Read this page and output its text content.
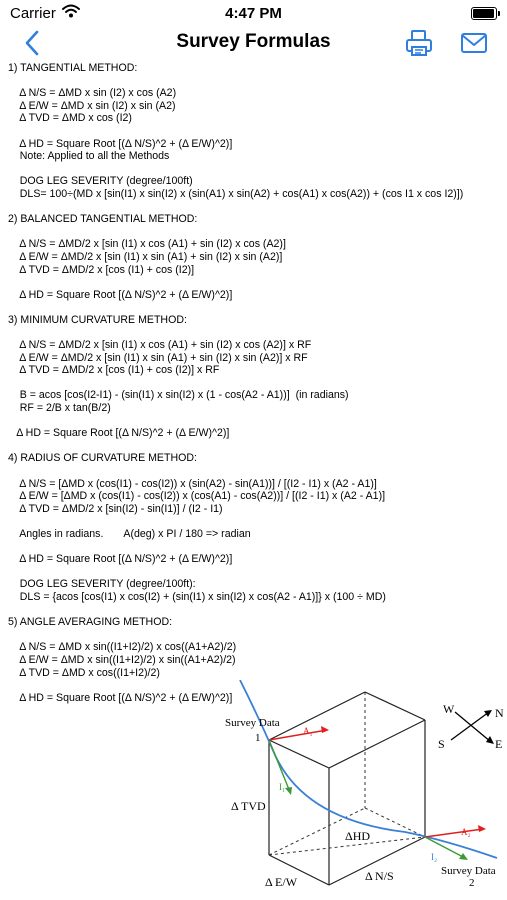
Carrier	4:47 PM
Survey Formulas
1) TANGENTIAL METHOD:
Δ N/S = ΔMD x sin (I2) x cos (A2)
Δ E/W = ΔMD x sin (I2) x sin (A2)
Δ TVD = ΔMD x cos (I2)
Δ HD = Square Root [(Δ N/S)^2 + (Δ E/W)^2)]
Note: Applied to all the Methods
DOG LEG SEVERITY (degree/100ft)
DLS= 100÷(MD x [sin(I1) x sin(I2) x (sin(A1) x sin(A2) + cos(A1) x cos(A2)) + (cos I1 x cos I2)])
2) BALANCED TANGENTIAL METHOD:
Δ N/S = ΔMD/2 x [sin (I1) x cos (A1) + sin (I2) x cos (A2)]
Δ E/W = ΔMD/2 x [sin (I1) x sin (A1) + sin (I2) x sin (A2)]
Δ TVD = ΔMD/2 x [cos (I1) + cos (I2)]
Δ HD = Square Root [(Δ N/S)^2 + (Δ E/W)^2)]
3) MINIMUM CURVATURE METHOD:
Δ N/S = ΔMD/2 x [sin (I1) x cos (A1) + sin (I2) x cos (A2)] x RF
Δ E/W = ΔMD/2 x [sin (I1) x sin (A1) + sin (I2) x sin (A2)] x RF
Δ TVD = ΔMD/2 x [cos (I1) + cos (I2)] x RF
B = acos [cos(I2-I1) - (sin(I1) x sin(I2) x (1 - cos(A2 - A1))]  (in radians)
RF = 2/B x tan(B/2)
Δ HD = Square Root [(Δ N/S)^2 + (Δ E/W)^2)]
4) RADIUS OF CURVATURE METHOD:
Δ N/S = [ΔMD x (cos(I1) - cos(I2)) x (sin(A2) - sin(A1))] / [(I2 - I1) x (A2 - A1)]
Δ E/W = [ΔMD x (cos(I1) - cos(I2)) x (cos(A1) - cos(A2))] / [(I2 - I1) x (A2 - A1)]
Δ TVD = ΔMD/2 x [sin(I2) - sin(I1)] / (I2 - I1)
Angles in radians.       A(deg) x PI / 180 => radian
Δ HD = Square Root [(Δ N/S)^2 + (Δ E/W)^2)]
DOG LEG SEVERITY (degree/100ft):
DLS = {acos [cos(I1) x cos(I2) + (sin(I1) x sin(I2) x cos(A2 - A1)]} x (100 ÷ MD)
5) ANGLE AVERAGING METHOD:
Δ N/S = ΔMD x sin((I1+I2)/2) x cos((A1+A2)/2)
Δ E/W = ΔMD x sin((I1+I2)/2) x sin((A1+A2)/2)
Δ TVD = ΔMD x cos((I1+I2)/2)
Δ HD = Square Root [(Δ N/S)^2 + (Δ E/W)^2)]
Survey Data
1
A₁
I₁
Δ TVD
ΔHD
Δ E/W	Δ N/S
A₂
I₂
Survey Data
2
W	N
S	E
